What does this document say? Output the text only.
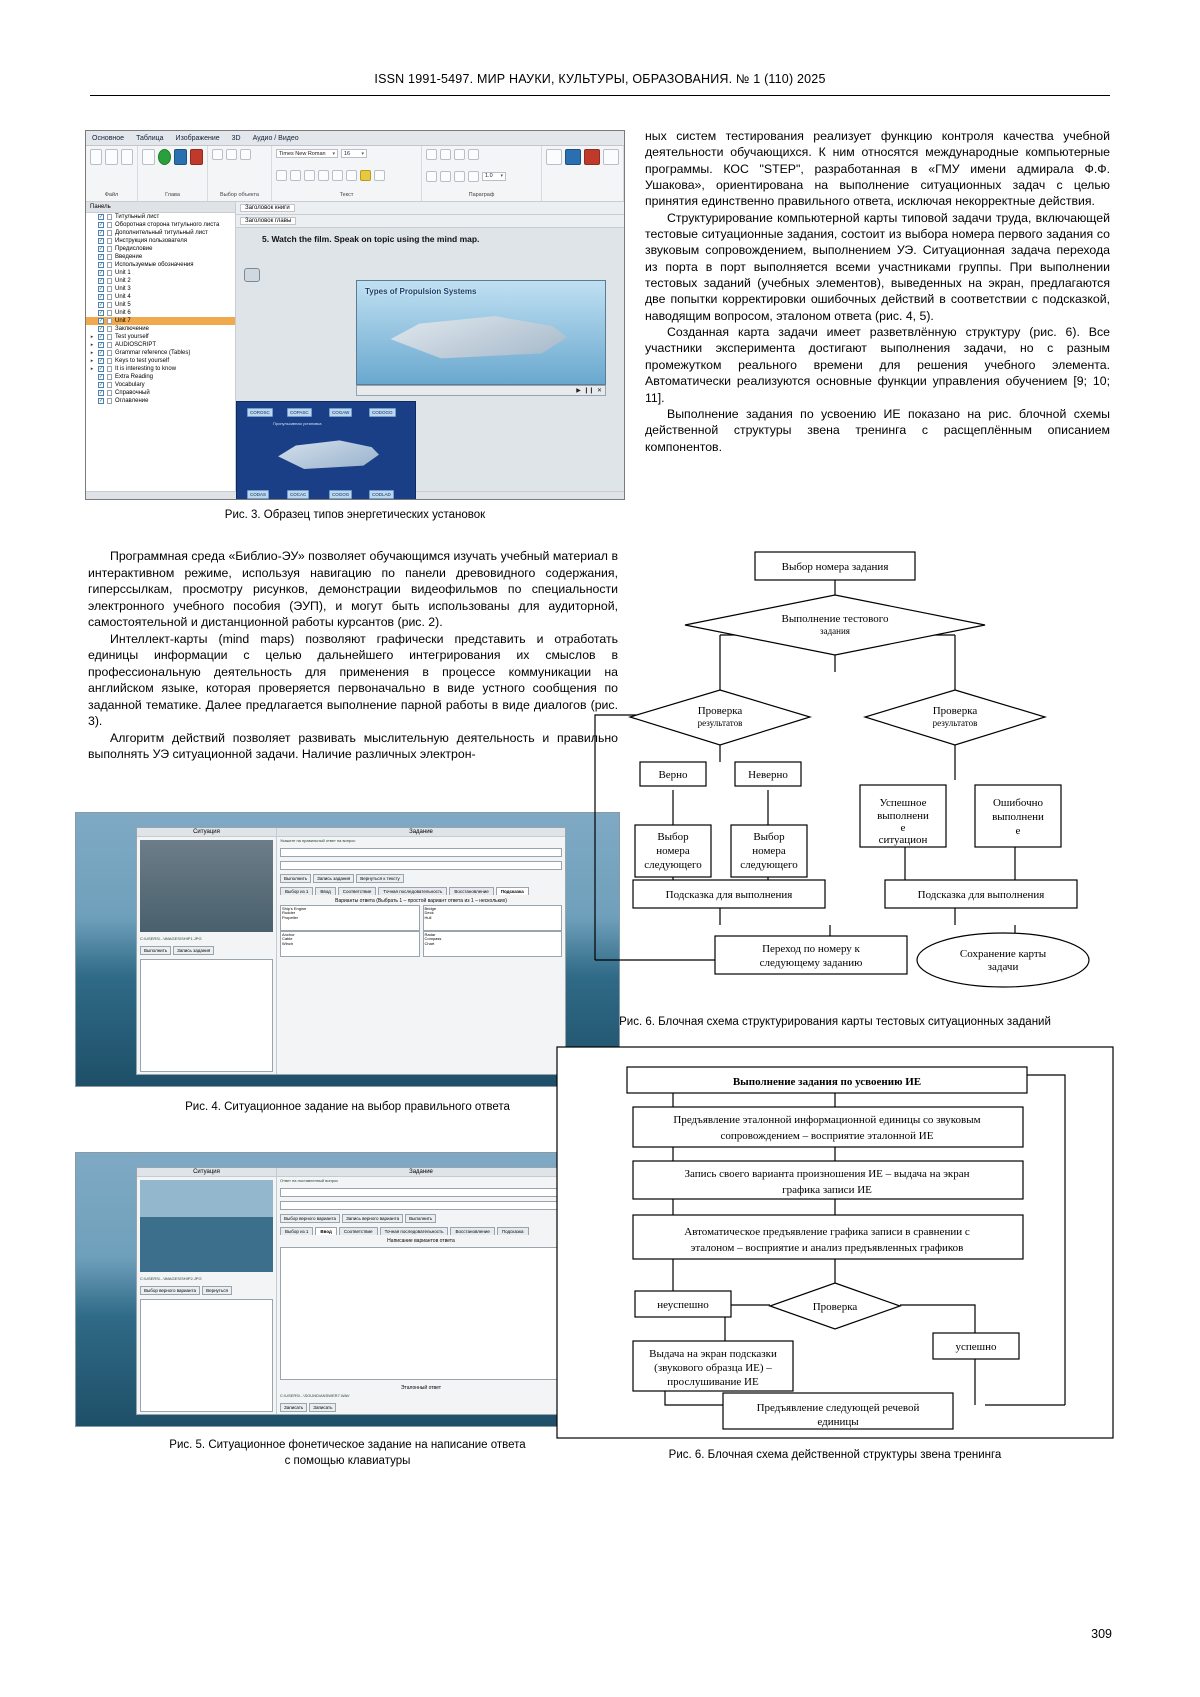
ISSN 1991-5497. МИР НАУКИ, КУЛЬТУРЫ, ОБРАЗОВАНИЯ. № 1 (110) 2025
Основное Таблица Изображение 3D Аудио / Видео
Файл	Глава	Выбор объекта
Times New Roman ▾ 16 ▾
Текст
1.0 ▾
Параграф
Панель
✓ Титульный лист
✓ Оборотная сторона титульного листа
✓ Дополнительный титульный лист
✓ Инструкция пользователя
✓ Предисловие
✓ Введение
✓ Используемые обозначения
✓ Unit 1
✓ Unit 2
✓ Unit 3
✓ Unit 4
✓ Unit 5
✓ Unit 6
✓ Unit 7
✓ Заключение
▸	✓ Test yourself
▸	✓ AUDIOSCRIPT
▸	✓ Grammar reference (Tables)
▸	✓ Keys to test yourself
▸	✓ It is interesting to know
✓ Extra Reading
✓ Vocabulary
✓ Справочный
✓ Оглавление
Заголовок книги
Заголовок главы
5. Watch the film. Speak on topic using the mind map.
Types of Propulsion Systems
▶ ❙❙ ✕
COROSC	COPASC	COGAW	CODOGO
CODAS	COCAC	COGOG	CODLAD
Пропульсивная установка
Рис. 3. Образец типов энергетических установок

ных систем тестирования реализует функцию контроля качества учебной деятельности обучающихся. К ним относятся международные компьютерные программы. КОС "STEP", разработанная в «ГМУ имени адмирала Ф.Ф. Ушакова», ориентирована на выполнение ситуационных задач с целью принятия единственно правильного ответа, исключая некорректные действия.

Структурирование компьютерной карты типовой задачи труда, включающей тестовые ситуационные задания, состоит из выбора номера первого задания со звуковым сопровождением, выполнением УЭ. Ситуационная задача перехода из порта в порт выполняется всеми участниками группы. При выполнении тестовых заданий (учебных элементов), выведенных на экран, предлагаются две попытки корректировки ошибочных действий в соответствии с подсказкой, наводящим вопросом, эталоном ответа (рис. 4, 5).

Созданная карта задачи имеет разветвлённую структуру (рис. 6). Все участники эксперимента достигают выполнения задачи, но с разным промежутком реального времени для решения учебного элемента. Автоматически реализуются основные функции управления обучением [9; 10; 11].

Выполнение задания по усвоению ИЕ показано на рис. блочной схемы действенной структуры звена тренинга с расщеплённым описанием компонентов.

Программная среда «Библио-ЭУ» позволяет обучающимся изучать учебный материал в интерактивном режиме, используя навигацию по панели древовидного содержания, гиперссылкам, просмотру рисунков, демонстрации видеофильмов по специальности электронного учебного пособия (ЭУП), и могут быть использованы для аудиторной, самостоятельной и дистанционной работы курсантов (рис. 2).

Интеллект-карты (mind maps) позволяют графически представить и отработать единицы информации с целью дальнейшего интегрирования их смыслов в профессиональную деятельность для применения в процессе коммуникации на английском языке, которая проверяется первоначально в виде устного сообщения по заданной тематике. Далее предлагается выполнение парной работы в виде диалогов (рис. 3).

Алгоритм действий позволяет развивать мыслительную деятельность и правильно выполнять УЭ ситуационной задачи. Наличие различных электрон-

Ситуация
C:\USERS\...\IMAGES\SHIP1.JPG
Выполнить	Запись задания
Задание
Укажите на правильный ответ на вопрос
Выполнить	Запись задания	Вернуться к тексту
Выбор из 1	Ввод	Соответствие	Точная последовательность	Восстановление	Подсказка
Варианты ответа (Выбрать 1 – простой вариант ответа из 1 – нескольких)
Ship's Engine
Rudder
Propeller
Bridge
Deck
Hull
Anchor
Cable
Winch
Radar
Compass
Chart
Рис. 4. Ситуационное задание на выбор правильного ответа
Ситуация
C:\USERS\...\IMAGES\SHIP2.JPG
Выбор верного варианта	Вернуться
Задание
Ответ на поставленный вопрос
Выбор верного варианта	Запись верного варианта	Выполнить
Выбор из 1	Ввод	Соответствие	Точная последовательность	Восстановление	Подсказка
Написание вариантов ответа
Эталонный ответ
C:\USERS\...\SOUND\ANSWER7.WAV
Записать	Записать
Рис. 5. Ситуационное фонетическое задание на написание ответа
с помощью клавиатуры
Выбор номера задания
Выполнение тестового
задания
Проверка
результатов
Проверка
результатов
Верно	Неверно
Выбор
номера
следующего
Выбор
номера
следующего
Успешное
выполнени
е
ситуацион
Ошибочно
выполнени
е
Подсказка для выполнения	Подсказка для выполнения
Переход по номеру к
следующему заданию
Сохранение карты
задачи
Рис. 6. Блочная схема структурирования карты тестовых ситуационных заданий
Выполнение задания по усвоению ИЕ
Предъявление эталонной информационной единицы со звуковым
сопровождением – восприятие эталонной ИЕ
Запись своего варианта произношения ИЕ – выдача на экран
графика записи ИЕ
Автоматическое предъявление графика записи в сравнении с
эталоном – восприятие и анализ предъявленных графиков
неуспешно	Проверка
Выдача на экран подсказки
(звукового образца ИЕ) –
прослушивание ИЕ
успешно
Предъявление следующей речевой
единицы
Рис. 6. Блочная схема действенной структуры звена тренинга
309
